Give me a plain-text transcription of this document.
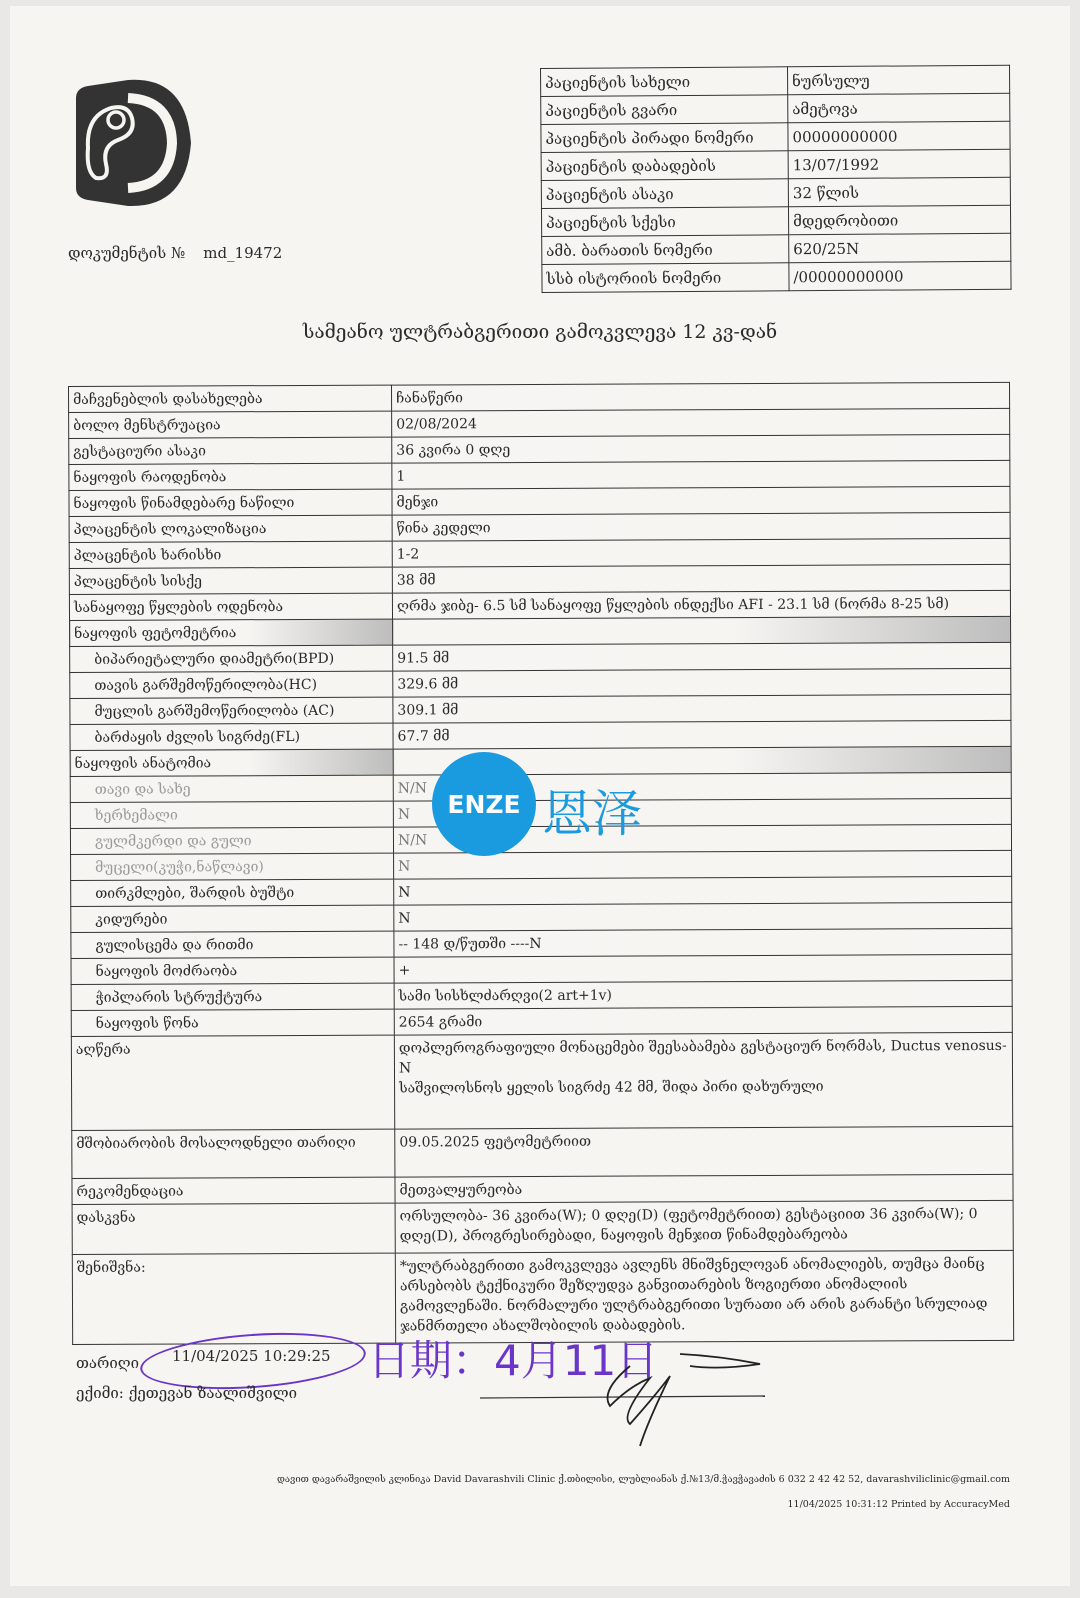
დოკუმენტის № md_19472
პაციენტის სახელი	ნურსულუ
პაციენტის გვარი	ამეტოვა
პაციენტის პირადი ნომერი	00000000000
პაციენტის დაბადების	13/07/1992
პაციენტის ასაკი	32 წლის
პაციენტის სქესი	მდედრობითი
ამბ. ბარათის ნომერი	620/25N
სსბ ისტორიის ნომერი	/00000000000
სამეანო ულტრაბგერითი გამოკვლევა 12 კვ-დან
მაჩვენებლის დასახელება	ჩანაწერი
ბოლო მენსტრუაცია	02/08/2024
გესტაციური ასაკი	36 კვირა 0 დღე
ნაყოფის რაოდენობა	1
ნაყოფის წინამდებარე ნაწილი	მენჯი
პლაცენტის ლოკალიზაცია	წინა კედელი
პლაცენტის ხარისხი	1-2
პლაცენტის სისქე	38 მმ
სანაყოფე წყლების ოდენობა	ღრმა ჯიბე- 6.5 სმ სანაყოფე წყლების ინდექსი AFI - 23.1 სმ (ნორმა 8-25 სმ)
ნაყოფის ფეტომეტრია	
ბიპარიეტალური დიამეტრი(BPD)	91.5 მმ
თავის გარშემოწერილობა(HC)	329.6 მმ
მუცლის გარშემოწერილობა (AC)	309.1 მმ
ბარძაყის ძვლის სიგრძე(FL)	67.7 მმ
ნაყოფის ანატომია	
თავი და სახე	N/N
ხერხემალი	N
გულმკერდი და გული	N/N
მუცელი(კუჭი,ნაწლავი)	N
თირკმლები, შარდის ბუშტი	N
კიდურები	N
გულისცემა და რითმი	-- 148 დ/წუთში ----N
ნაყოფის მოძრაობა	+
ჭიპლარის სტრუქტურა	სამი სისხლძარღვი(2 art+1v)
ნაყოფის წონა	2654 გრამი
აღწერა	დოპლეროგრაფიული მონაცემები შეესაბამება გესტაციურ ნორმას, Ductus venosus-N
საშვილოსნოს ყელის სიგრძე 42 მმ, შიდა პირი დახურული

მშობიარობის მოსალოდნელი თარიღი	09.05.2025 ფეტომეტრიით
რეკომენდაცია	მეთვალყურეობა
დასკვნა	ორსულობა- 36 კვირა(W); 0 დღე(D) (ფეტომეტრიით) გესტაციით 36 კვირა(W); 0 დღე(D), პროგრესირებადი, ნაყოფის მენჯით წინამდებარეობა
შენიშვნა:	*ულტრაბგერითი გამოკვლევა ავლენს მნიშვნელოვან ანომალიებს, თუმცა მაინც არსებობს ტექნიკური შეზღუდვა განვითარების ზოგიერთი ანომალიის გამოვლენაში. ნორმალური ულტრაბგერითი სურათი არ არის გარანტი სრულიად ჯანმრთელი ახალშობილის დაბადების.
ENZE 恩泽
თარიღი 11/04/2025 10:29:25 日期：4月11日
ექიმი: ქეთევან ზაალიშვილი
დავით დავარაშვილის კლინიკა David Davarashvili Clinic ქ.თბილისი, ლუბლიანას ქ.№13/მ.ჭავჭავაძის 6 032 2 42 42 52, davarashviliclinic@gmail.com
11/04/2025 10:31:12 Printed by AccuracyMed
